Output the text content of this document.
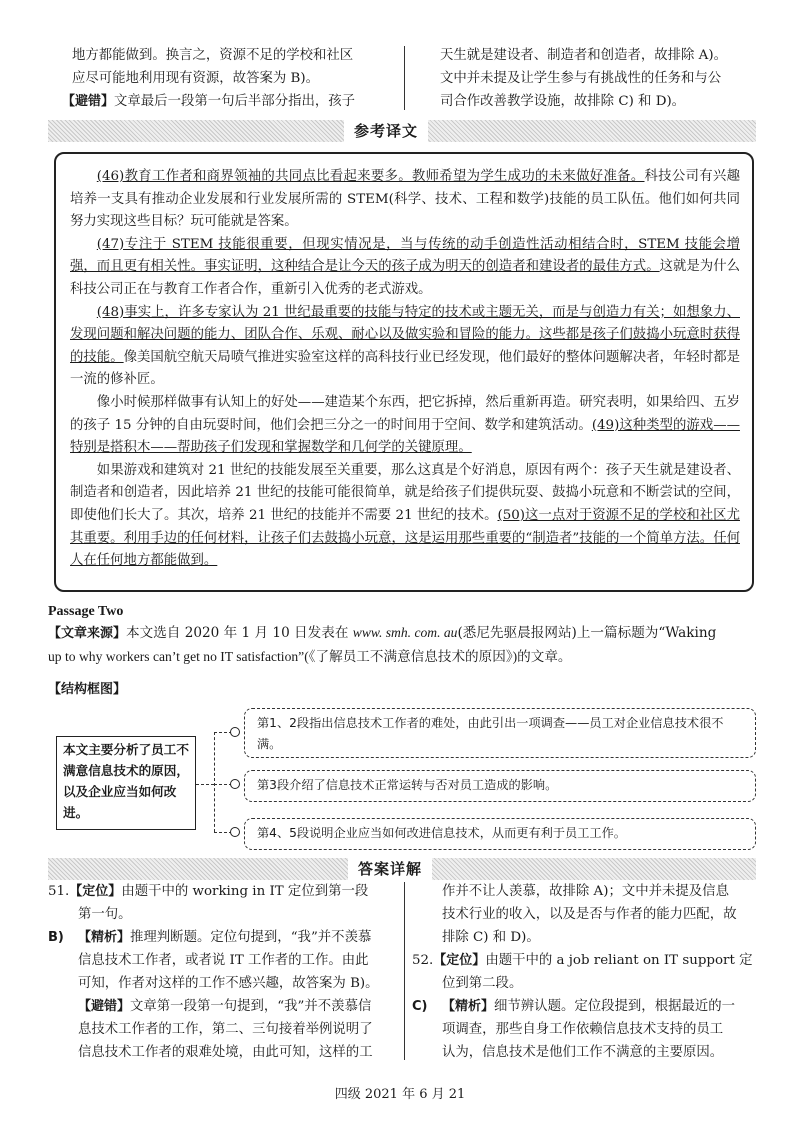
地方都能做到。换言之，资源不足的学校和社区
应尽可能地利用现有资源，故答案为 B)。
【避错】文章最后一段第一句后半部分指出，孩子
天生就是建设者、制造者和创造者，故排除 A)。
文中并未提及让学生参与有挑战性的任务和与公
司合作改善教学设施，故排除 C) 和 D)。
参考译文

(46)教育工作者和商界领袖的共同点比看起来要多。教师希望为学生成功的未来做好准备。科技公司有兴趣培养一支具有推动企业发展和行业发展所需的 STEM(科学、技术、工程和数学)技能的员工队伍。他们如何共同努力实现这些目标？玩可能就是答案。

(47)专注于 STEM 技能很重要，但现实情况是，当与传统的动手创造性活动相结合时，STEM 技能会增强，而且更有相关性。事实证明，这种结合是让今天的孩子成为明天的创造者和建设者的最佳方式。这就是为什么科技公司正在与教育工作者合作，重新引入优秀的老式游戏。

(48)事实上，许多专家认为 21 世纪最重要的技能与特定的技术或主题无关，而是与创造力有关；如想象力、发现问题和解决问题的能力、团队合作、乐观、耐心以及做实验和冒险的能力。这些都是孩子们鼓捣小玩意时获得的技能。像美国航空航天局喷气推进实验室这样的高科技行业已经发现，他们最好的整体问题解决者，年轻时都是一流的修补匠。

像小时候那样做事有认知上的好处——建造某个东西，把它拆掉，然后重新再造。研究表明，如果给四、五岁的孩子 15 分钟的自由玩耍时间，他们会把三分之一的时间用于空间、数学和建筑活动。(49)这种类型的游戏——特别是搭积木——帮助孩子们发现和掌握数学和几何学的关键原理。

如果游戏和建筑对 21 世纪的技能发展至关重要，那么这真是个好消息，原因有两个：孩子天生就是建设者、制造者和创造者，因此培养 21 世纪的技能可能很简单，就是给孩子们提供玩耍、鼓捣小玩意和不断尝试的空间，即使他们长大了。其次，培养 21 世纪的技能并不需要 21 世纪的技术。(50)这一点对于资源不足的学校和社区尤其重要。利用手边的任何材料，让孩子们去鼓捣小玩意，这是运用那些重要的“制造者”技能的一个简单方法。任何人在任何地方都能做到。

Passage Two
【文章来源】本文选自 2020 年 1 月 10 日发表在 www. smh. com. au(悉尼先驱晨报网站)上一篇标题为“Waking
up to why workers can’t get no IT satisfaction”(《了解员工不满意信息技术的原因》)的文章。
【结构框图】
本文主要分析了员工不满意信息技术的原因，以及企业应当如何改进。
第1、2段指出信息技术工作者的难处，由此引出一项调查——员工对企业信息技术很不满。
第3段介绍了信息技术正常运转与否对员工造成的影响。
第4、5段说明企业应当如何改进信息技术，从而更有利于员工工作。
答案详解
51.【定位】由题干中的 working in IT 定位到第一段
第一句。
B) 【精析】推理判断题。定位句提到，“我”并不羡慕
信息技术工作者，或者说 IT 工作者的工作。由此
可知，作者对这样的工作不感兴趣，故答案为 B)。
【避错】文章第一段第一句提到，“我”并不羡慕信
息技术工作者的工作，第二、三句接着举例说明了
信息技术工作者的艰难处境，由此可知，这样的工
作并不让人羡慕，故排除 A)；文中并未提及信息
技术行业的收入，以及是否与作者的能力匹配，故
排除 C) 和 D)。
52.【定位】由题干中的 a job reliant on IT support 定
位到第二段。
C) 【精析】细节辨认题。定位段提到，根据最近的一
项调查，那些自身工作依赖信息技术支持的员工
认为，信息技术是他们工作不满意的主要原因。
四级 2021 年 6 月 21
